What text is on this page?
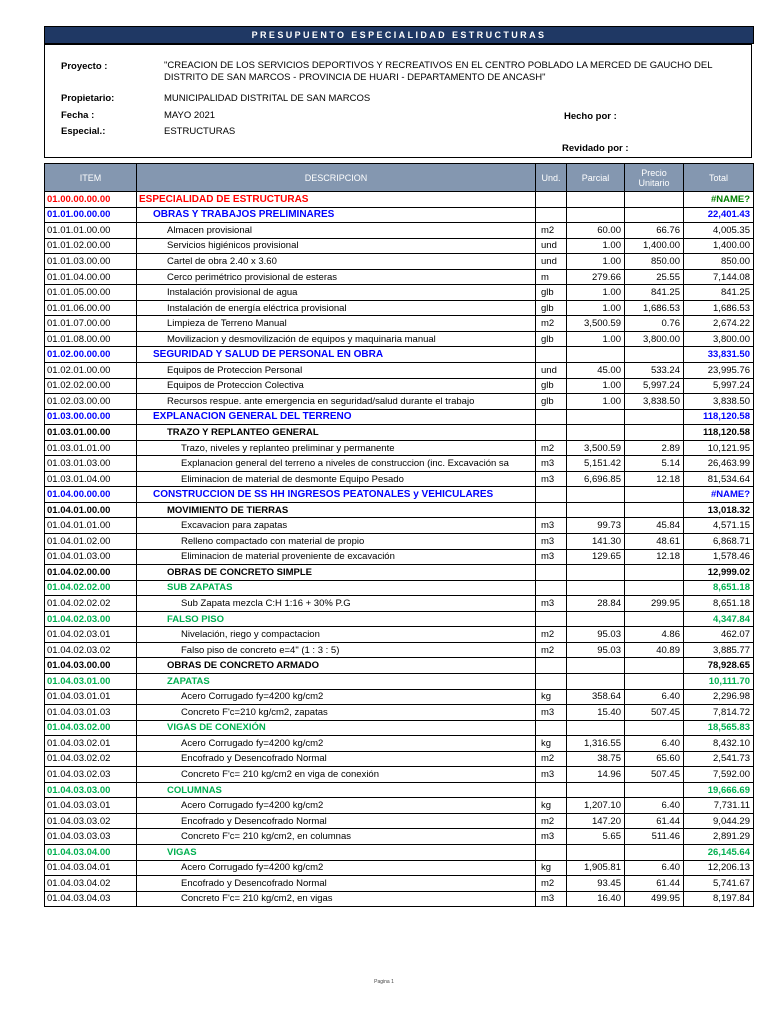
PRESUPUENTO ESPECIALIDAD ESTRUCTURAS
Proyecto :	"CREACION DE LOS SERVICIOS DEPORTIVOS Y RECREATIVOS EN EL CENTRO POBLADO LA MERCED DE GAUCHO DEL DISTRITO DE SAN MARCOS - PROVINCIA DE HUARI - DEPARTAMENTO DE ANCASH"
Propietario:	MUNICIPALIDAD DISTRITAL DE SAN MARCOS
Fecha :	MAYO 2021	Hecho por :
Especial.:	ESTRUCTURAS
Revidado por :
ITEM	DESCRIPCION	Und.	Parcial	Precio Unitario	Total
01.00.00.00.00	ESPECIALIDAD DE ESTRUCTURAS				#NAME?
01.01.00.00.00	OBRAS Y TRABAJOS PRELIMINARES				22,401.43
01.01.01.00.00	Almacen provisional	m2	60.00	66.76	4,005.35
01.01.02.00.00	Servicios higiénicos provisional	und	1.00	1,400.00	1,400.00
01.01.03.00.00	Cartel de obra 2.40 x 3.60	und	1.00	850.00	850.00
01.01.04.00.00	Cerco perimétrico provisional de esteras	m	279.66	25.55	7,144.08
01.01.05.00.00	Instalación provisional de agua	glb	1.00	841.25	841.25
01.01.06.00.00	Instalación de energía eléctrica provisional	glb	1.00	1,686.53	1,686.53
01.01.07.00.00	Limpieza de Terreno Manual	m2	3,500.59	0.76	2,674.22
01.01.08.00.00	Movilizacion y desmovilización de equipos y maquinaria manual	glb	1.00	3,800.00	3,800.00
01.02.00.00.00	SEGURIDAD Y SALUD DE PERSONAL EN OBRA				33,831.50
01.02.01.00.00	Equipos de Proteccion Personal	und	45.00	533.24	23,995.76
01.02.02.00.00	Equipos de Proteccion Colectiva	glb	1.00	5,997.24	5,997.24
01.02.03.00.00	Recursos respue. ante emergencia en seguridad/salud durante el trabajo	glb	1.00	3,838.50	3,838.50
01.03.00.00.00	EXPLANACION GENERAL DEL TERRENO				118,120.58
01.03.01.00.00	TRAZO Y REPLANTEO GENERAL				118,120.58
01.03.01.01.00	Trazo, niveles y replanteo preliminar y permanente	m2	3,500.59	2.89	10,121.95
01.03.01.03.00	Explanacion general del terreno a niveles de construccion (inc. Excavación sa	m3	5,151.42	5.14	26,463.99
01.03.01.04.00	Eliminacion de material de desmonte Equipo Pesado	m3	6,696.85	12.18	81,534.64
01.04.00.00.00	CONSTRUCCION DE SS HH INGRESOS PEATONALES y VEHICULARES				#NAME?
01.04.01.00.00	MOVIMIENTO DE TIERRAS				13,018.32
01.04.01.01.00	Excavacion para zapatas	m3	99.73	45.84	4,571.15
01.04.01.02.00	Relleno compactado con material de propio	m3	141.30	48.61	6,868.71
01.04.01.03.00	Eliminacion de material proveniente de excavación	m3	129.65	12.18	1,578.46
01.04.02.00.00	OBRAS DE CONCRETO SIMPLE				12,999.02
01.04.02.02.00	SUB ZAPATAS				8,651.18
01.04.02.02.02	Sub Zapata mezcla C:H 1:16 + 30% P.G	m3	28.84	299.95	8,651.18
01.04.02.03.00	FALSO PISO				4,347.84
01.04.02.03.01	Nivelación, riego y compactacion	m2	95.03	4.86	462.07
01.04.02.03.02	Falso piso de concreto e=4" (1 : 3 : 5)	m2	95.03	40.89	3,885.77
01.04.03.00.00	OBRAS DE CONCRETO ARMADO				78,928.65
01.04.03.01.00	ZAPATAS				10,111.70
01.04.03.01.01	Acero Corrugado fy=4200 kg/cm2	kg	358.64	6.40	2,296.98
01.04.03.01.03	Concreto F'c=210 kg/cm2, zapatas	m3	15.40	507.45	7,814.72
01.04.03.02.00	VIGAS DE CONEXIÓN				18,565.83
01.04.03.02.01	Acero Corrugado fy=4200 kg/cm2	kg	1,316.55	6.40	8,432.10
01.04.03.02.02	Encofrado y Desencofrado Normal	m2	38.75	65.60	2,541.73
01.04.03.02.03	Concreto F'c= 210 kg/cm2 en viga de conexión	m3	14.96	507.45	7,592.00
01.04.03.03.00	COLUMNAS				19,666.69
01.04.03.03.01	Acero Corrugado fy=4200 kg/cm2	kg	1,207.10	6.40	7,731.11
01.04.03.03.02	Encofrado y Desencofrado Normal	m2	147.20	61.44	9,044.29
01.04.03.03.03	Concreto F'c= 210 kg/cm2, en columnas	m3	5.65	511.46	2,891.29
01.04.03.04.00	VIGAS				26,145.64
01.04.03.04.01	Acero Corrugado fy=4200 kg/cm2	kg	1,905.81	6.40	12,206.13
01.04.03.04.02	Encofrado y Desencofrado Normal	m2	93.45	61.44	5,741.67
01.04.03.04.03	Concreto F'c= 210 kg/cm2, en vigas	m3	16.40	499.95	8,197.84
Pagina 1
